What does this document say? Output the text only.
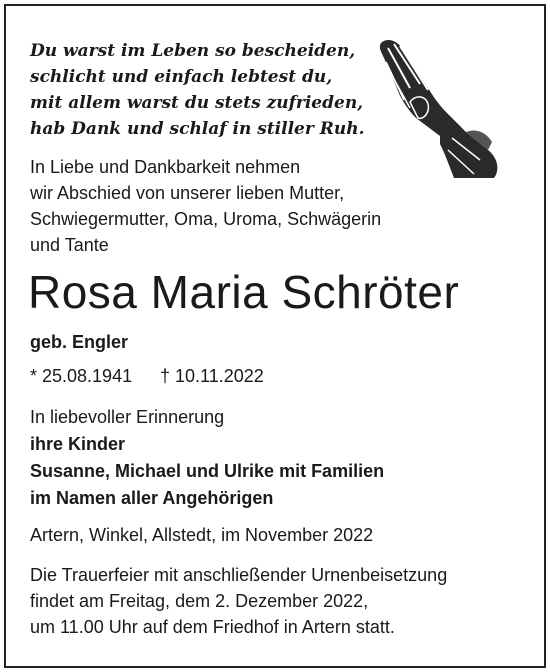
Du warst im Leben so bescheiden,
schlicht und einfach lebtest du,
mit allem warst du stets zufrieden,
hab Dank und schlaf in stiller Ruh.
In Liebe und Dankbarkeit nehmen
wir Abschied von unserer lieben Mutter,
Schwiegermutter, Oma, Uroma, Schwägerin
und Tante
Rosa Maria Schröter
geb. Engler
* 25.08.1941 † 10.11.2022
In liebevoller Erinnerung
ihre Kinder
Susanne, Michael und Ulrike mit Familien
im Namen aller Angehörigen
Artern, Winkel, Allstedt, im November 2022
Die Trauerfeier mit anschließender Urnenbeisetzung
findet am Freitag, dem 2. Dezember 2022,
um 11.00 Uhr auf dem Friedhof in Artern statt.
